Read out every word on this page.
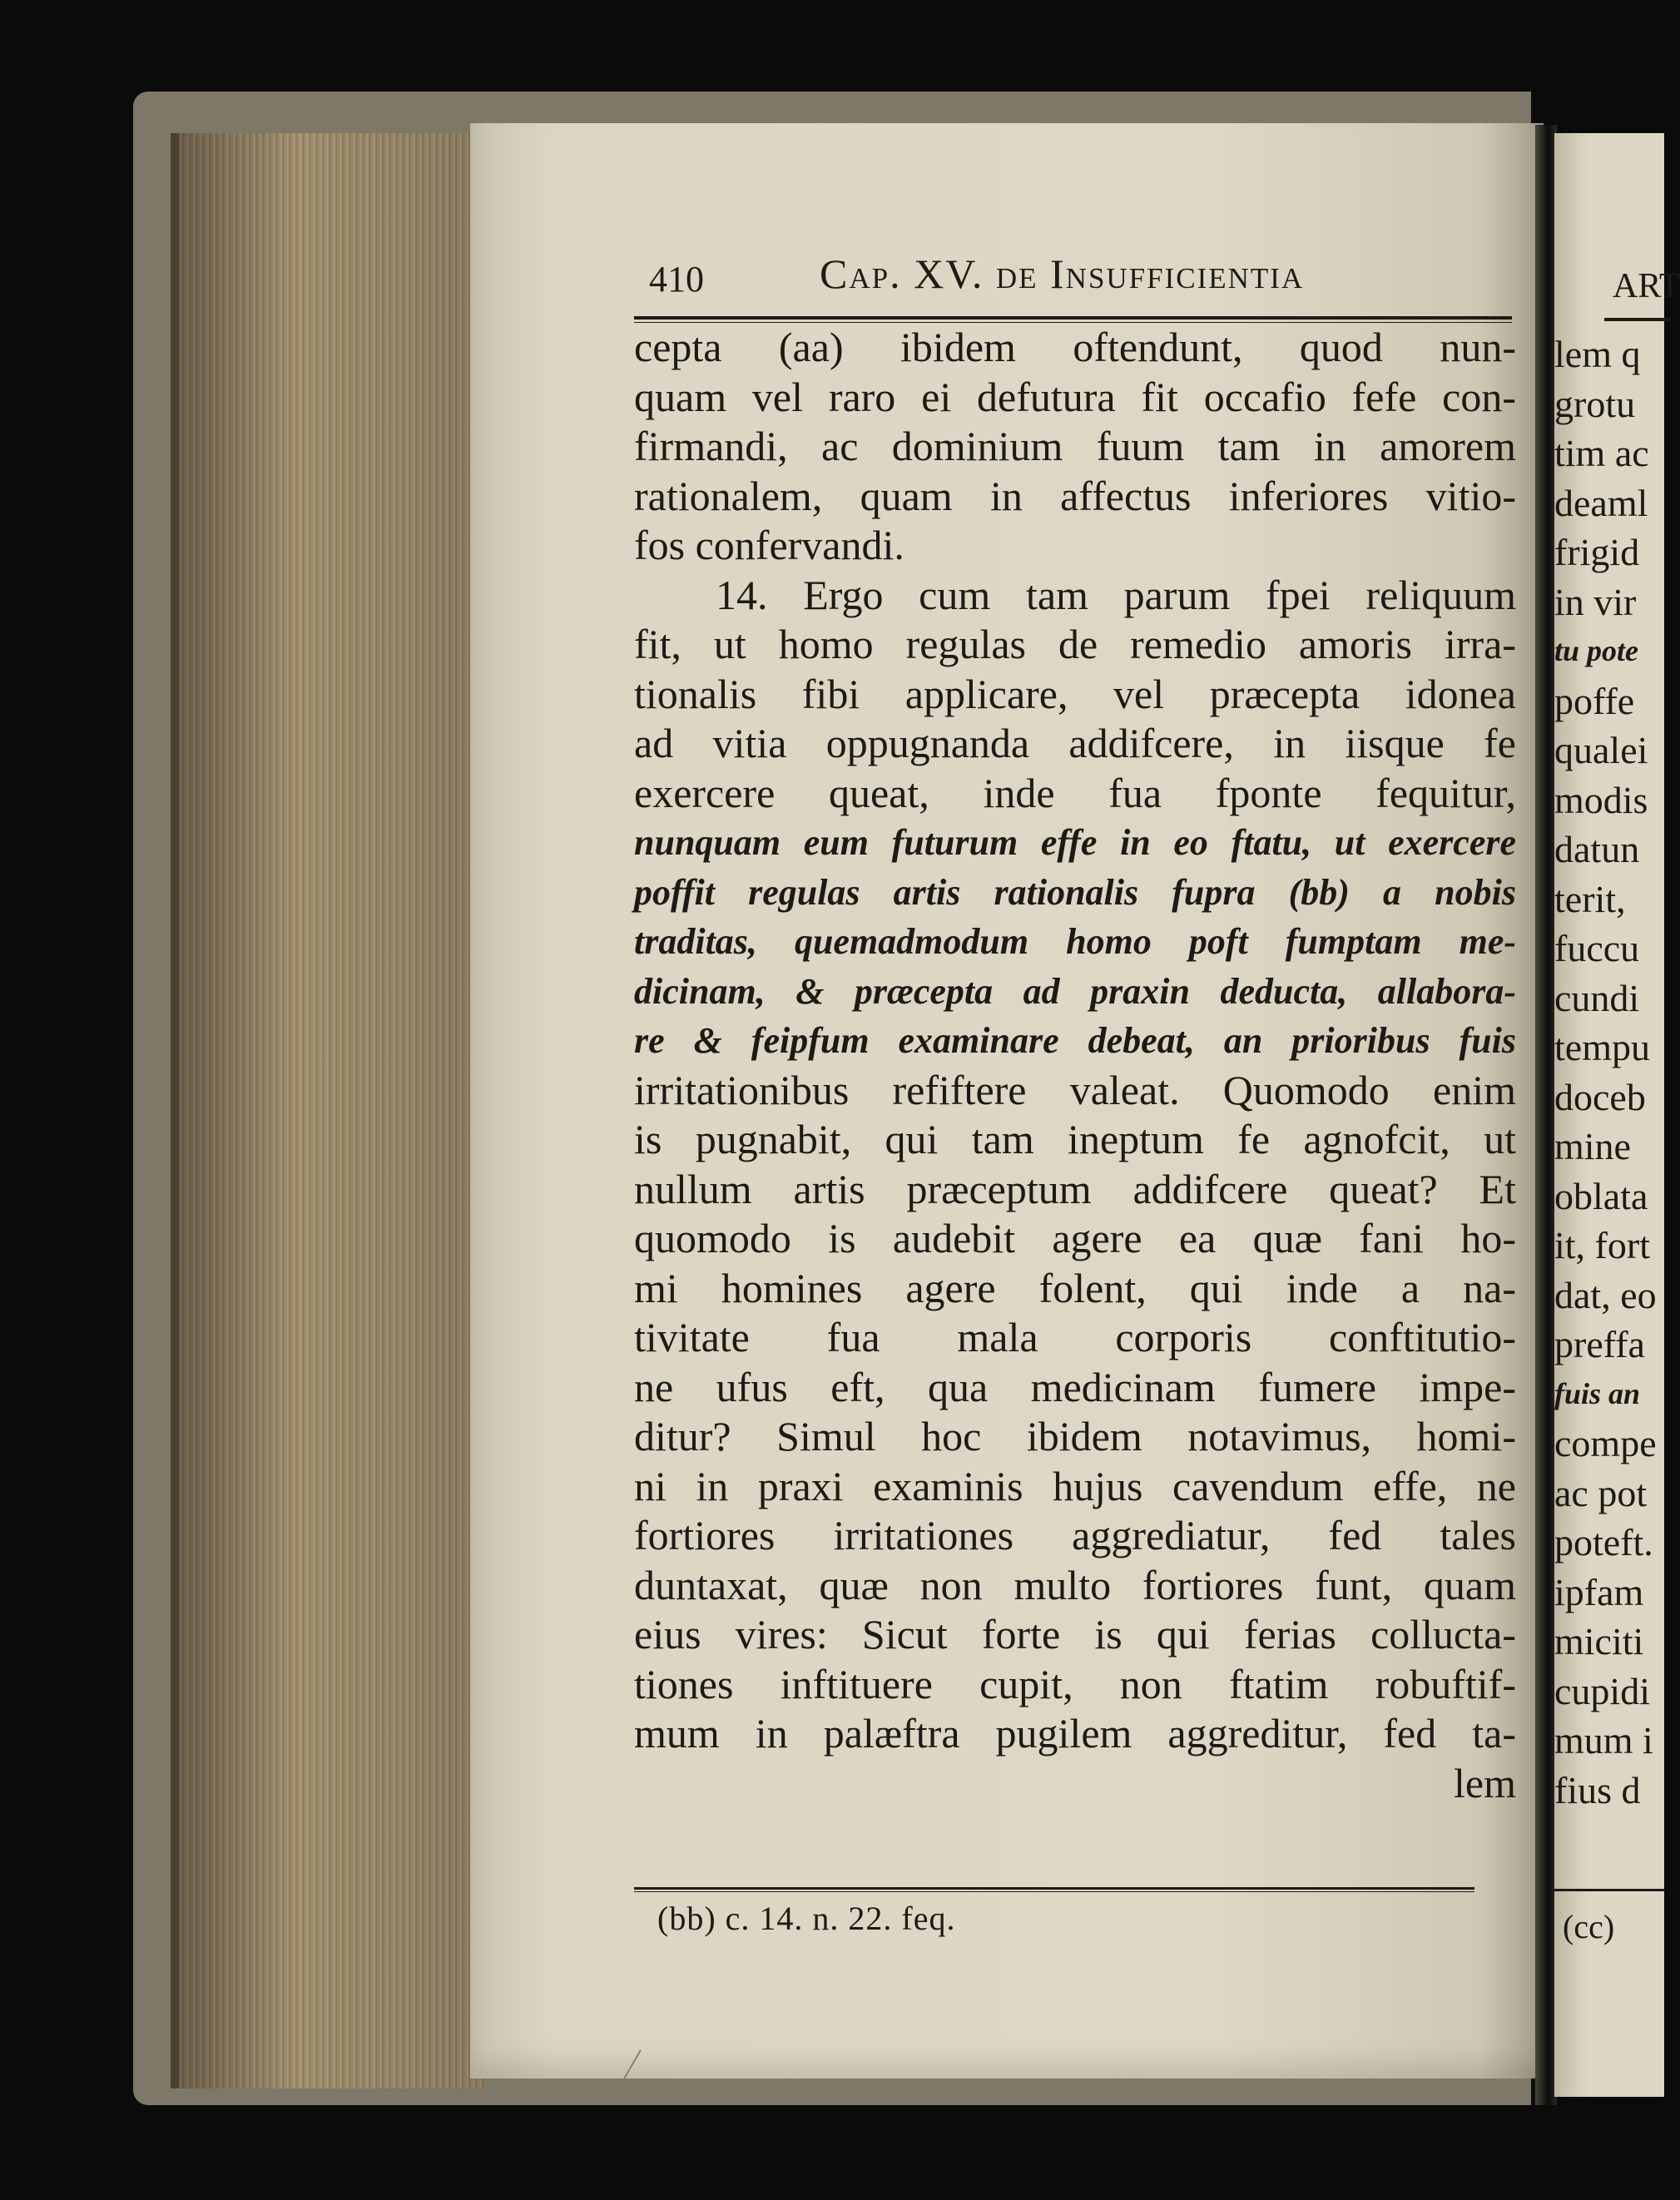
410	Cap. XV. de Insufficientia
cepta (aa) ibidem oftendunt, quod nun-
quam vel raro ei defutura fit occafio fefe con-
firmandi, ac dominium fuum tam in amorem
rationalem, quam in affectus inferiores vitio-
fos confervandi.
14. Ergo cum tam parum fpei reliquum
fit, ut homo regulas de remedio amoris irra-
tionalis fibi applicare, vel præcepta idonea
ad vitia oppugnanda addifcere, in iisque fe
exercere queat, inde fua fponte fequitur,
nunquam eum futurum effe in eo ftatu, ut exercere
poffit regulas artis rationalis fupra (bb) a nobis
traditas, quemadmodum homo poft fumptam me-
dicinam, & præcepta ad praxin deducta, allabora-
re & feipfum examinare debeat, an prioribus fuis
irritationibus refiftere valeat. Quomodo enim
is pugnabit, qui tam ineptum fe agnofcit, ut
nullum artis præceptum addifcere queat? Et
quomodo is audebit agere ea quæ fani ho-
mi homines agere folent, qui inde a na-
tivitate fua mala corporis conftitutio-
ne ufus eft, qua medicinam fumere impe-
ditur? Simul hoc ibidem notavimus, homi-
ni in praxi examinis hujus cavendum effe, ne
fortiores irritationes aggrediatur, fed tales
duntaxat, quæ non multo fortiores funt, quam
eius vires: Sicut forte is qui ferias colluctа-
tiones inftituere cupit, non ftatim robuftif-
mum in palæftra pugilem aggreditur, fed ta-
lem
(bb) c. 14. n. 22. feq.
ART
lem q
grotu
tim ac
deaml
frigid
in vir
tu pote
poffe
qualei
modis
datun
terit,
fuccu
cundi
tempu
doceb
mine
oblata
it, fort
dat, eo
preffa
fuis an
compe
ac pot
poteft.
ipfam
miciti
cupidi
mum i
fius d
(cc)
